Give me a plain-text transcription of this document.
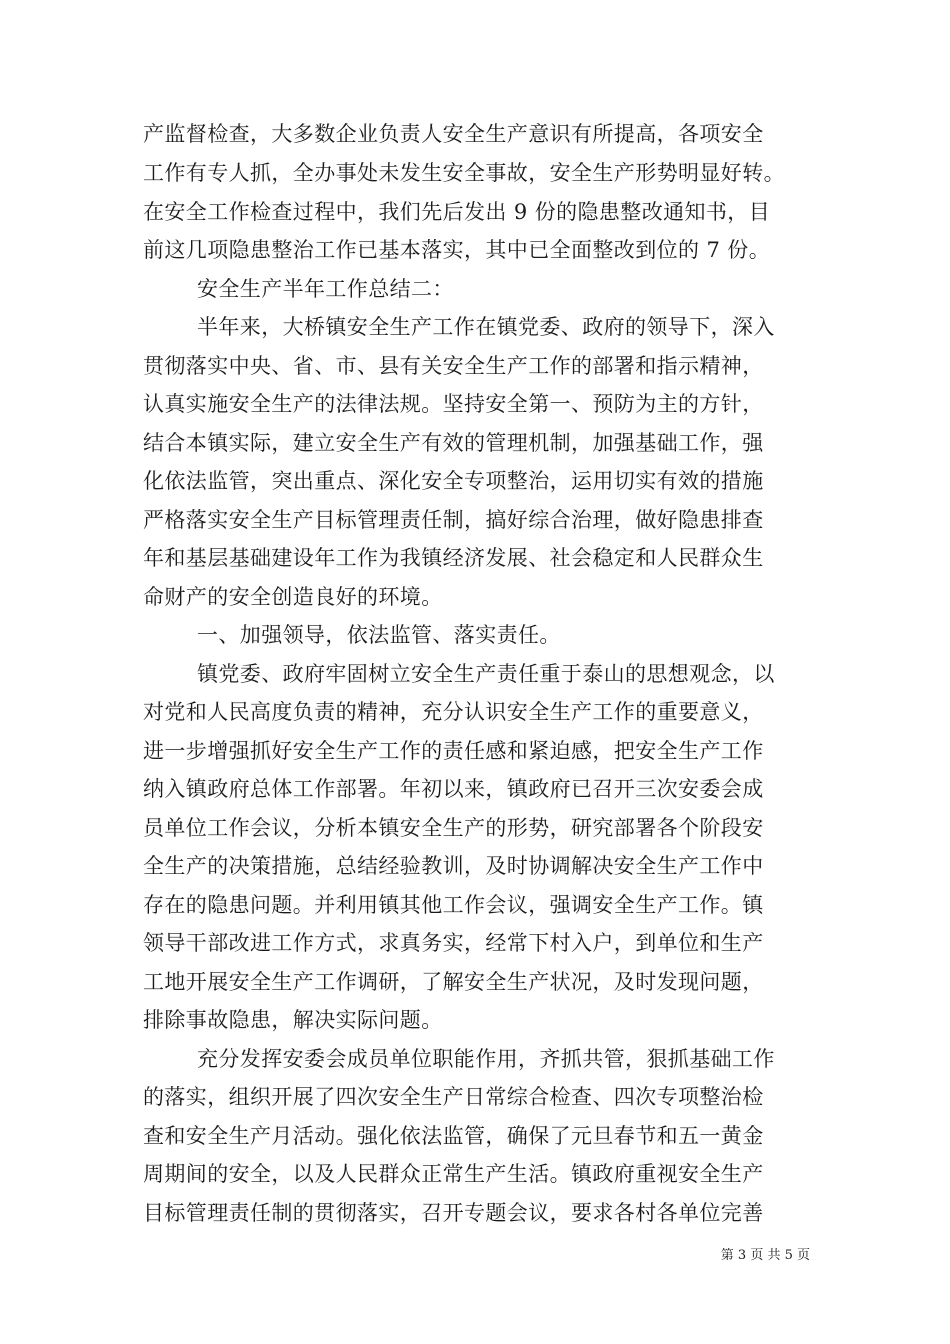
产监督检查，大多数企业负责人安全生产意识有所提高，各项安全
工作有专人抓，全办事处未发生安全事故，安全生产形势明显好转。
在安全工作检查过程中，我们先后发出 9 份的隐患整改通知书，目
前这几项隐患整治工作已基本落实，其中已全面整改到位的 7 份。
安全生产半年工作总结二：
半年来，大桥镇安全生产工作在镇党委、政府的领导下，深入
贯彻落实中央、省、市、县有关安全生产工作的部署和指示精神，
认真实施安全生产的法律法规。坚持安全第一、预防为主的方针，
结合本镇实际，建立安全生产有效的管理机制，加强基础工作，强
化依法监管，突出重点、深化安全专项整治，运用切实有效的措施
严格落实安全生产目标管理责任制，搞好综合治理，做好隐患排查
年和基层基础建设年工作为我镇经济发展、社会稳定和人民群众生
命财产的安全创造良好的环境。
一、加强领导，依法监管、落实责任。
镇党委、政府牢固树立安全生产责任重于泰山的思想观念，以
对党和人民高度负责的精神，充分认识安全生产工作的重要意义，
进一步增强抓好安全生产工作的责任感和紧迫感，把安全生产工作
纳入镇政府总体工作部署。年初以来，镇政府已召开三次安委会成
员单位工作会议，分析本镇安全生产的形势，研究部署各个阶段安
全生产的决策措施，总结经验教训，及时协调解决安全生产工作中
存在的隐患问题。并利用镇其他工作会议，强调安全生产工作。镇
领导干部改进工作方式，求真务实，经常下村入户，到单位和生产
工地开展安全生产工作调研，了解安全生产状况，及时发现问题，
排除事故隐患，解决实际问题。
充分发挥安委会成员单位职能作用，齐抓共管，狠抓基础工作
的落实，组织开展了四次安全生产日常综合检查、四次专项整治检
查和安全生产月活动。强化依法监管，确保了元旦春节和五一黄金
周期间的安全，以及人民群众正常生产生活。镇政府重视安全生产
目标管理责任制的贯彻落实，召开专题会议，要求各村各单位完善
第 3 页 共 5 页
